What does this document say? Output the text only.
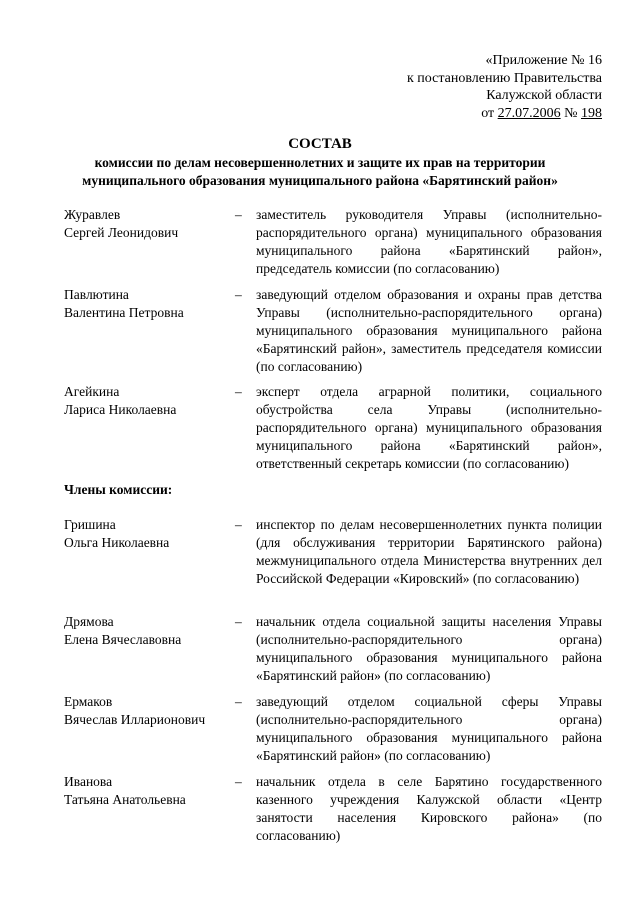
«Приложение № 16
к постановлению Правительства
Калужской области
от 27.07.2006 № 198
СОСТАВ
комиссии по делам несовершеннолетних и защите их прав на территории
муниципального образования муниципального района «Барятинский район»
Журавлев
Сергей Леонидович
– заместитель руководителя Управы (исполнительно-распорядительного органа) муниципального образования муниципального района «Барятинский район», председатель комиссии (по согласованию)
Павлютина
Валентина Петровна
– заведующий отделом образования и охраны прав детства Управы (исполнительно-распорядительного органа) муниципального образования муниципального района «Барятинский район», заместитель председателя комиссии (по согласованию)
Агейкина
Лариса Николаевна
– эксперт отдела аграрной политики, социального обустройства села Управы (исполнительно-распорядительного органа) муниципального образования муниципального района «Барятинский район», ответственный секретарь комиссии (по согласованию)
Члены комиссии:
Гришина
Ольга Николаевна
– инспектор по делам несовершеннолетних пункта полиции (для обслуживания территории Барятинского района) межмуниципального отдела Министерства внутренних дел Российской Федерации «Кировский» (по согласованию)
Дрямова
Елена Вячеславовна
– начальник отдела социальной защиты населения Управы (исполнительно-распорядительного органа) муниципального образования муниципального района «Барятинский район» (по согласованию)
Ермаков
Вячеслав Илларионович
– заведующий отделом социальной сферы Управы (исполнительно-распорядительного органа) муниципального образования муниципального района «Барятинский район» (по согласованию)
Иванова
Татьяна Анатольевна
– начальник отдела в селе Барятино государственного казенного учреждения Калужской области «Центр занятости населения Кировского района» (по согласованию)
